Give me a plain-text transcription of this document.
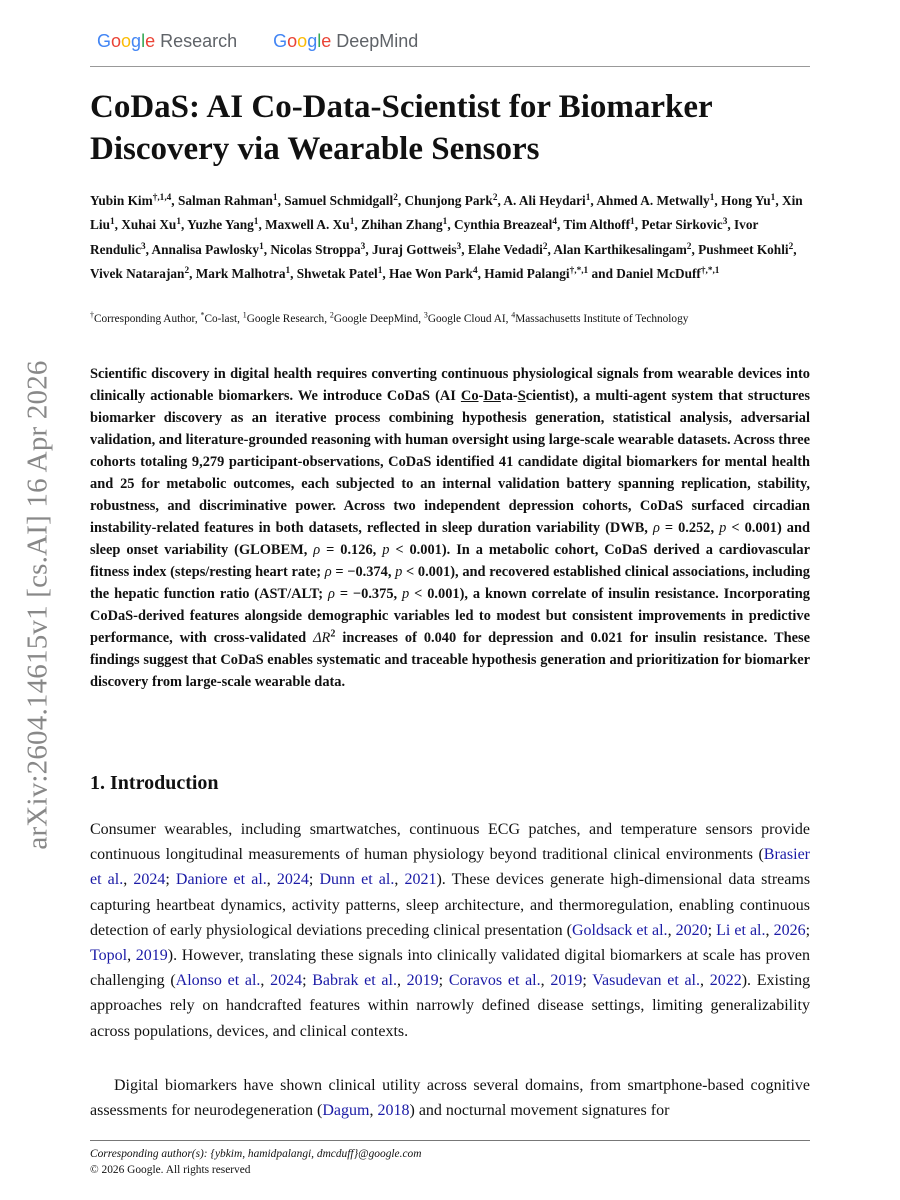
G o o g l e
Research G o o g l e
DeepMind
arXiv:2604.14615v1 [cs.AI] 16 Apr 2026
CoDaS: AI Co-Data-Scientist for Biomarker Discovery via Wearable Sensors
Yubin Kim$^{\dagger,1,4}$, Salman Rahman$^1$, Samuel Schmidgall$^2$, Chunjong Park$^2$, A. Ali Heydari$^1$, Ahmed A. Metwally$^1$, Hong Yu$^1$, Xin Liu$^1$, Xuhai Xu$^1$, Yuzhe Yang$^1$, Maxwell A. Xu$^1$, Zhihan Zhang$^1$, Cynthia Breazeal$^4$, Tim Althoff$^1$, Petar Sirkovic$^3$, Ivor Rendulic$^3$, Annalisa Pawlosky$^1$, Nicolas Stroppa$^3$, Juraj Gottweis$^3$, Elahe Vedadi$^2$, Alan Karthikesalingam$^2$, Pushmeet Kohli$^2$, Vivek Natarajan$^2$, Mark Malhotra$^1$, Shwetak Patel$^1$, Hae Won Park$^4$, Hamid Palangi$^{\dagger,*,1}$ and Daniel McDuff$^{\dagger,*,1}$
†Corresponding Author, *Co-last, $^1$Google Research, $^2$Google DeepMind, $^3$Google Cloud AI, $^4$Massachusetts Institute of Technology
Scientific discovery in digital health requires converting continuous physiological signals from wearable devices into clinically actionable biomarkers. We introduce CoDaS (AI Co-Data-Scientist), a multi-agent system that structures biomarker discovery as an iterative process combining hypothesis generation, statistical analysis, adversarial validation, and literature-grounded reasoning with human oversight using large-scale wearable datasets. Across three cohorts totaling 9,279 participant-observations, CoDaS identified 41 candidate digital biomarkers for mental health and 25 for metabolic outcomes, each subjected to an internal validation battery spanning replication, stability, robustness, and discriminative power. Across two independent depression cohorts, CoDaS surfaced circadian instability-related features in both datasets, reflected in sleep duration variability (DWB, ρ = 0.252, p < 0.001) and sleep onset variability (GLOBEM, ρ = 0.126, p < 0.001). In a metabolic cohort, CoDaS derived a cardiovascular fitness index (steps/resting heart rate; ρ = −0.374, p < 0.001), and recovered established clinical associations, including the hepatic function ratio (AST/ALT; ρ = −0.375, p < 0.001), a known correlate of insulin resistance. Incorporating CoDaS-derived features alongside demographic variables led to modest but consistent improvements in predictive performance, with cross-validated $\Delta R^2$ increases of 0.040 for depression and 0.021 for insulin resistance. These findings suggest that CoDaS enables systematic and traceable hypothesis generation and prioritization for biomarker discovery from large-scale wearable data.
1. Introduction
Consumer wearables, including smartwatches, continuous ECG patches, and temperature sensors provide continuous longitudinal measurements of human physiology beyond traditional clinical environments (Brasier et al., 2024; Daniore et al., 2024; Dunn et al., 2021). These devices generate high-dimensional data streams capturing heartbeat dynamics, activity patterns, sleep architecture, and thermoregulation, enabling continuous detection of early physiological deviations preceding clinical presentation (Goldsack et al., 2020; Li et al., 2026; Topol, 2019). However, translating these signals into clinically validated digital biomarkers at scale has proven challenging (Alonso et al., 2024; Babrak et al., 2019; Coravos et al., 2019; Vasudevan et al., 2022). Existing approaches rely on handcrafted features within narrowly defined disease settings, limiting generalizability across populations, devices, and clinical contexts.
Digital biomarkers have shown clinical utility across several domains, from smartphone-based cognitive assessments for neurodegeneration (Dagum, 2018) and nocturnal movement signatures for
Corresponding author(s): {ybkim, hamidpalangi, dmcduff}@google.com
© 2026 Google. All rights reserved
